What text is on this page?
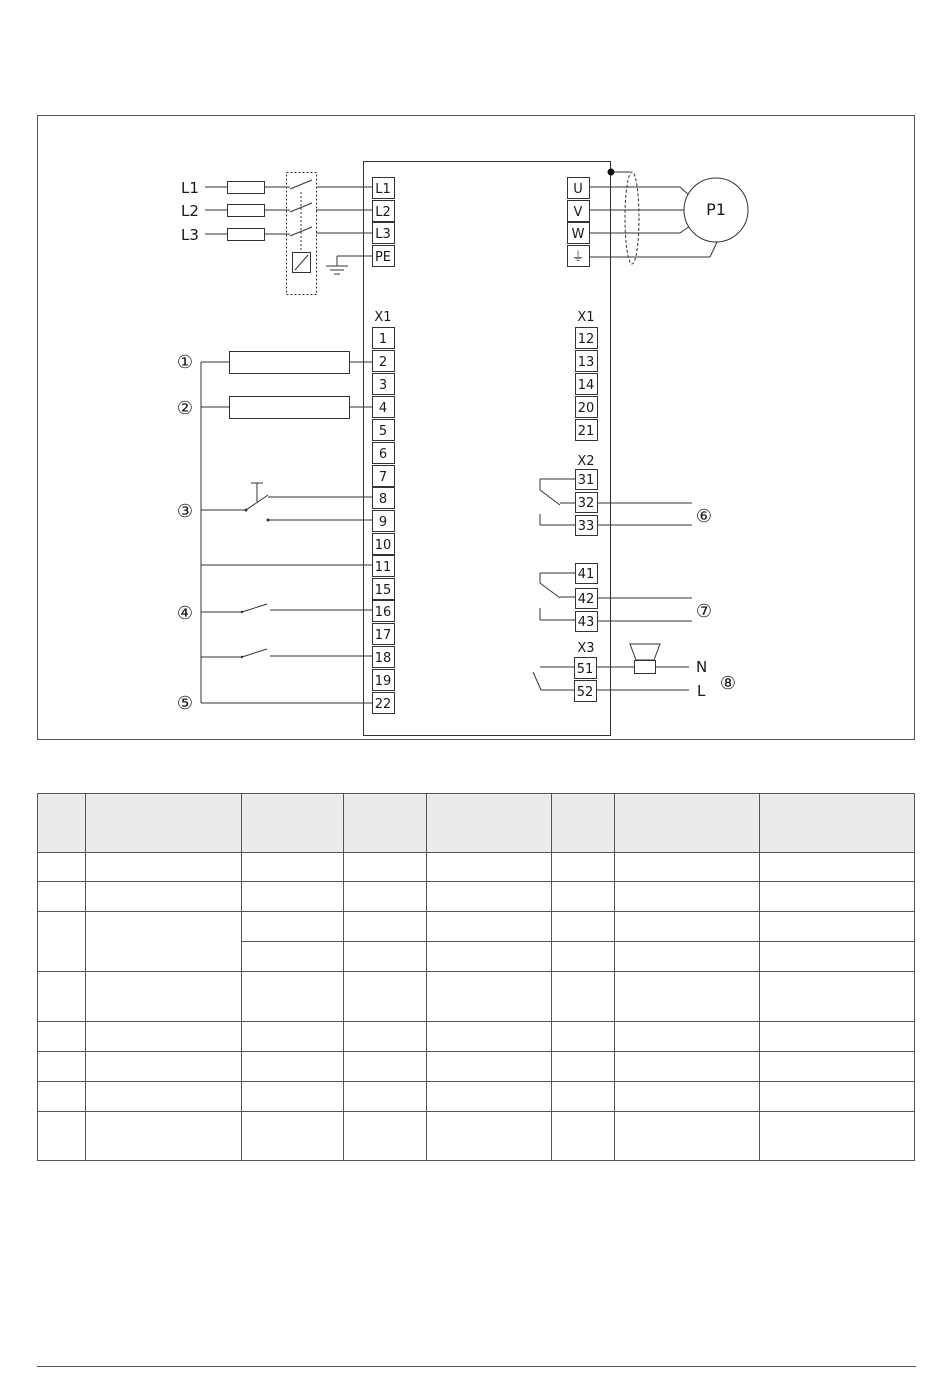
L1
L2
L3
L1
L2
L3
PE
U
V
W
⏚
P1
X1
1
2
3
4
5
6
7
8
9
10
11
15
16
17
18
19
22
X1
12
13
14
20
21
X2
31
32
33
41
42
43
X3
51
52
N
L
①
②
③
④
⑤
⑥
⑦
⑧
